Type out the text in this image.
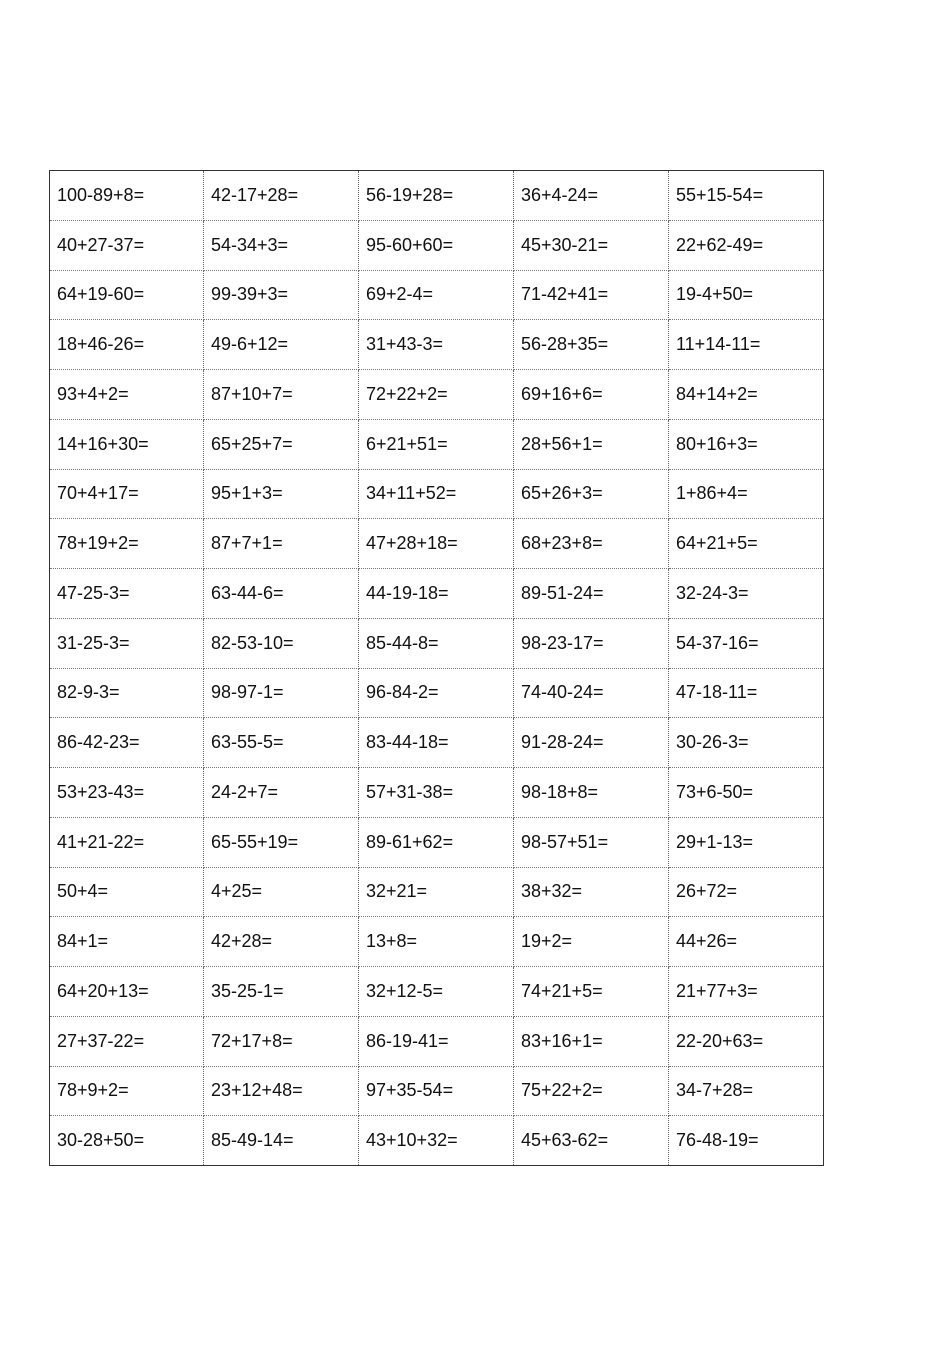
100-89+8=	42-17+28=	56-19+28=	36+4-24=	55+15-54=
40+27-37=	54-34+3=	95-60+60=	45+30-21=	22+62-49=
64+19-60=	99-39+3=	69+2-4=	71-42+41=	19-4+50=
18+46-26=	49-6+12=	31+43-3=	56-28+35=	11+14-11=
93+4+2=	87+10+7=	72+22+2=	69+16+6=	84+14+2=
14+16+30=	65+25+7=	6+21+51=	28+56+1=	80+16+3=
70+4+17=	95+1+3=	34+11+52=	65+26+3=	1+86+4=
78+19+2=	87+7+1=	47+28+18=	68+23+8=	64+21+5=
47-25-3=	63-44-6=	44-19-18=	89-51-24=	32-24-3=
31-25-3=	82-53-10=	85-44-8=	98-23-17=	54-37-16=
82-9-3=	98-97-1=	96-84-2=	74-40-24=	47-18-11=
86-42-23=	63-55-5=	83-44-18=	91-28-24=	30-26-3=
53+23-43=	24-2+7=	57+31-38=	98-18+8=	73+6-50=
41+21-22=	65-55+19=	89-61+62=	98-57+51=	29+1-13=
50+4=	4+25=	32+21=	38+32=	26+72=
84+1=	42+28=	13+8=	19+2=	44+26=
64+20+13=	35-25-1=	32+12-5=	74+21+5=	21+77+3=
27+37-22=	72+17+8=	86-19-41=	83+16+1=	22-20+63=
78+9+2=	23+12+48=	97+35-54=	75+22+2=	34-7+28=
30-28+50=	85-49-14=	43+10+32=	45+63-62=	76-48-19=
